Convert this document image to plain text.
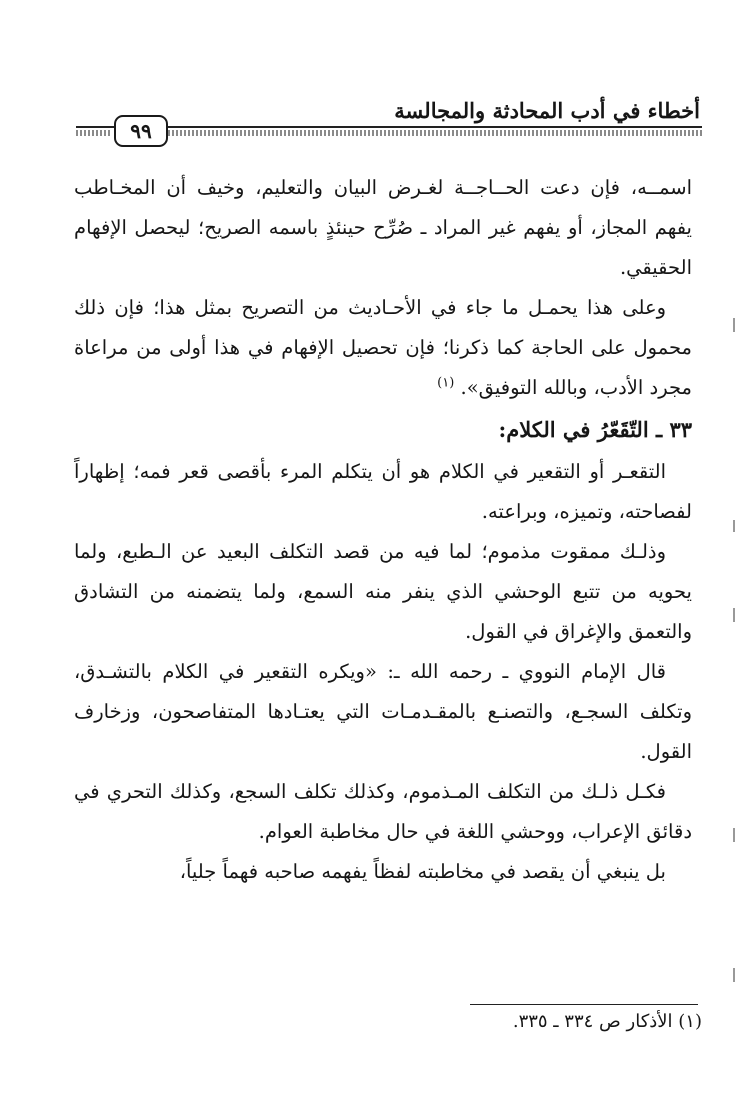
أخطاء في أدب المحادثة والمجالسة
٩٩

اسمــه، فإن دعت الحــاجــة لغـرض البيان والتعليم، وخيف أن المخـاطب يفهم المجاز، أو يفهم غير المراد ـ صُرِّح حينئذٍ باسمه الصريح؛ ليحصل الإفهام الحقيقي.

وعلى هذا يحمـل ما جاء في الأحـاديث من التصريح بمثل هذا؛ فإن ذلك محمول على الحاجة كما ذكرنا؛ فإن تحصيل الإفهام في هذا أولى من مراعاة مجرد الأدب، وبالله التوفيق». $^{(١)}$

٣٣ ـ التّقَعّرُ في الكلام:

التقعـر أو التقعير في الكلام هو أن يتكلم المرء بأقصى قعر فمه؛ إظهاراً لفصاحته، وتميزه، وبراعته.

وذلـك ممقوت مذموم؛ لما فيه من قصد التكلف البعيد عن الـطبع، ولما يحويه من تتبع الوحشي الذي ينفر منه السمع، ولما يتضمنه من التشادق والتعمق والإغراق في القول.

قال الإمام النووي ـ رحمه الله ـ: «ويكره التقعير في الكلام بالتشـدق، وتكلف السجـع، والتصنـع بالمقـدمـات التي يعتـادها المتفاصحون، وزخارف القول.

فكـل ذلـك من التكلف المـذموم، وكذلك تكلف السجع، وكذلك التحري في دقائق الإعراب، ووحشي اللغة في حال مخاطبة العوام.

بل ينبغي أن يقصد في مخاطبته لفظاً يفهمه صاحبه فهماً جلياً،

(١) الأذكار ص ٣٣٤ ـ ٣٣٥.
